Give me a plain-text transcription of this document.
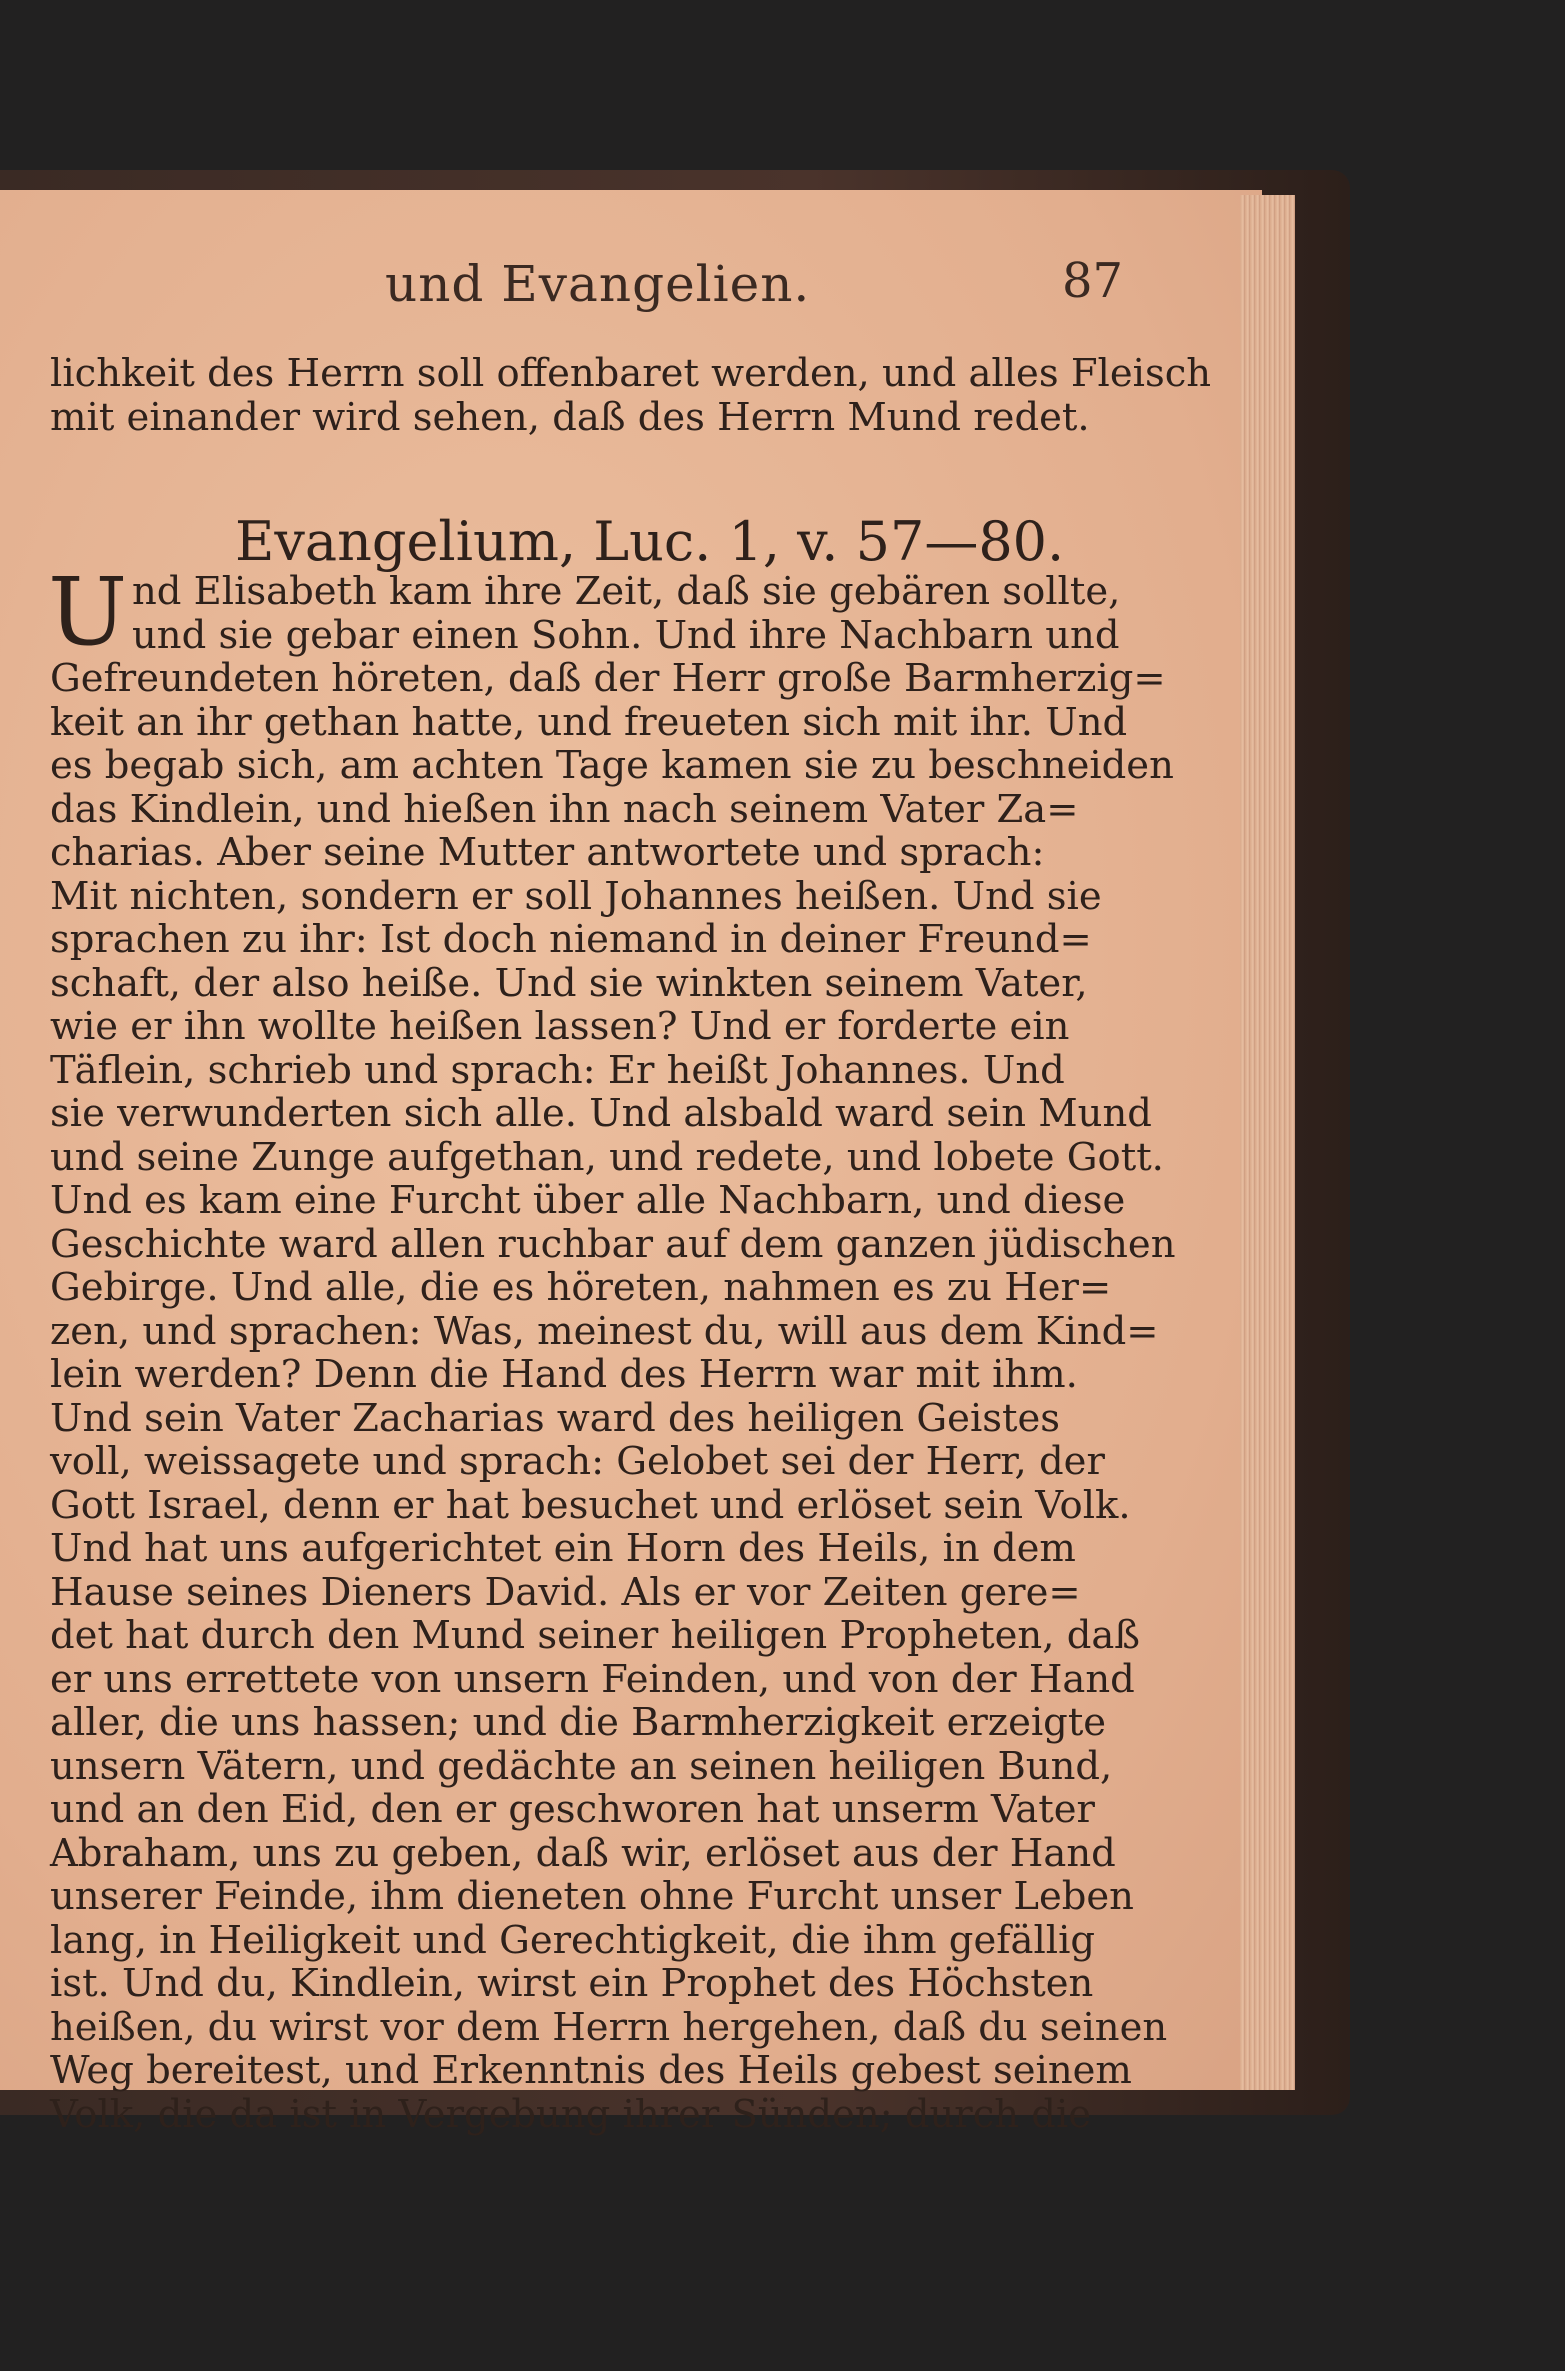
und Evangelien.	87
lichkeit des Herrn soll offenbaret werden, und alles Fleisch
mit einander wird sehen, daß des Herrn Mund redet.
Evangelium, Luc. 1, v. 57—80.
U nd Elisabeth kam ihre Zeit, daß sie gebären sollte,
und sie gebar einen Sohn. Und ihre Nachbarn und
Gefreundeten höreten, daß der Herr große Barmherzig=
keit an ihr gethan hatte, und freueten sich mit ihr. Und
es begab sich, am achten Tage kamen sie zu beschneiden
das Kindlein, und hießen ihn nach seinem Vater Za=
charias. Aber seine Mutter antwortete und sprach:
Mit nichten, sondern er soll Johannes heißen. Und sie
sprachen zu ihr: Ist doch niemand in deiner Freund=
schaft, der also heiße. Und sie winkten seinem Vater,
wie er ihn wollte heißen lassen? Und er forderte ein
Täflein, schrieb und sprach: Er heißt Johannes. Und
sie verwunderten sich alle. Und alsbald ward sein Mund
und seine Zunge aufgethan, und redete, und lobete Gott.
Und es kam eine Furcht über alle Nachbarn, und diese
Geschichte ward allen ruchbar auf dem ganzen jüdischen
Gebirge. Und alle, die es höreten, nahmen es zu Her=
zen, und sprachen: Was, meinest du, will aus dem Kind=
lein werden? Denn die Hand des Herrn war mit ihm.
Und sein Vater Zacharias ward des heiligen Geistes
voll, weissagete und sprach: Gelobet sei der Herr, der
Gott Israel, denn er hat besuchet und erlöset sein Volk.
Und hat uns aufgerichtet ein Horn des Heils, in dem
Hause seines Dieners David. Als er vor Zeiten gere=
det hat durch den Mund seiner heiligen Propheten, daß
er uns errettete von unsern Feinden, und von der Hand
aller, die uns hassen; und die Barmherzigkeit erzeigte
unsern Vätern, und gedächte an seinen heiligen Bund,
und an den Eid, den er geschworen hat unserm Vater
Abraham, uns zu geben, daß wir, erlöset aus der Hand
unserer Feinde, ihm dieneten ohne Furcht unser Leben
lang, in Heiligkeit und Gerechtigkeit, die ihm gefällig
ist. Und du, Kindlein, wirst ein Prophet des Höchsten
heißen, du wirst vor dem Herrn hergehen, daß du seinen
Weg bereitest, und Erkenntnis des Heils gebest seinem
Volk, die da ist in Vergebung ihrer Sünden; durch die
